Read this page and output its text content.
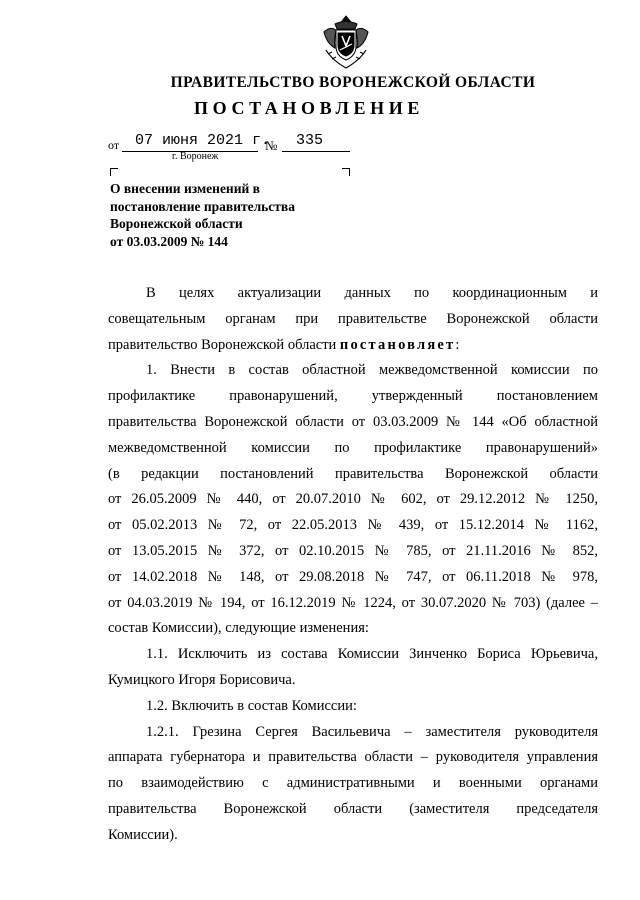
ПРАВИТЕЛЬСТВО ВОРОНЕЖСКОЙ ОБЛАСТИ
ПОСТАНОВЛЕНИЕ
от 07 июня 2021 г.
№ 335
г. Воронеж
О внесении изменений в
постановление правительства
Воронежской области
от 03.03.2009 № 144
В целях актуализации данных по координационным и
совещательным органам при правительстве Воронежской области
правительство Воронежской области постановляет:
1. Внести в состав областной межведомственной комиссии по
профилактике правонарушений, утвержденный постановлением
правительства Воронежской области от 03.03.2009 № 144 «Об областной
межведомственной комиссии по профилактике правонарушений»
(в редакции постановлений правительства Воронежской области
от 26.05.2009 № 440, от 20.07.2010 № 602, от 29.12.2012 № 1250,
от 05.02.2013 № 72, от 22.05.2013 № 439, от 15.12.2014 № 1162,
от 13.05.2015 № 372, от 02.10.2015 № 785, от 21.11.2016 № 852,
от 14.02.2018 № 148, от 29.08.2018 № 747, от 06.11.2018 № 978,
от 04.03.2019 № 194, от 16.12.2019 № 1224, от 30.07.2020 № 703) (далее –
состав Комиссии), следующие изменения:
1.1. Исключить из состава Комиссии Зинченко Бориса Юрьевича,
Кумицкого Игоря Борисовича.
1.2. Включить в состав Комиссии:
1.2.1. Грезина Сергея Васильевича – заместителя руководителя
аппарата губернатора и правительства области – руководителя управления
по взаимодействию с административными и военными органами
правительства Воронежской области (заместителя председателя
Комиссии).
